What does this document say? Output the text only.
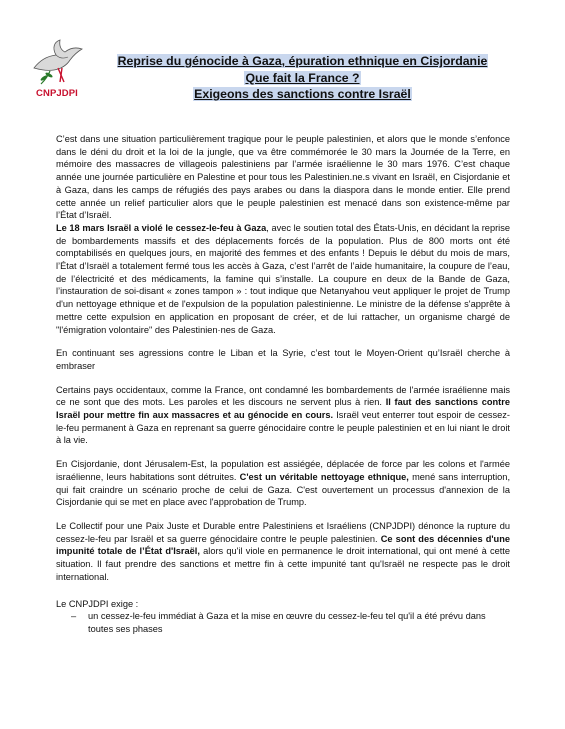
CNPJDPI
Reprise du génocide à Gaza, épuration ethnique en Cisjordanie
Que fait la France ?
Exigeons des sanctions contre Israël

C’est dans une situation particulièrement tragique pour le peuple palestinien, et alors que le monde s’enfonce dans le déni du droit et la loi de la jungle, que va être commémorée le 30 mars la Journée de la Terre, en mémoire des massacres de villageois palestiniens par l’armée israélienne le 30 mars 1976. C’est chaque année une journée particulière en Palestine et pour tous les Palestinien.ne.s vivant en Israël, en Cisjordanie et à Gaza, dans les camps de réfugiés des pays arabes ou dans la diaspora dans le monde entier. Elle prend cette année un relief particulier alors que le peuple palestinien est menacé dans son existence-même par l’État d’Israël.

Le 18 mars Israël a violé le cessez-le-feu à Gaza, avec le soutien total des États-Unis, en décidant la reprise de bombardements massifs et des déplacements forcés de la population. Plus de 800 morts ont été comptabilisés en quelques jours, en majorité des femmes et des enfants ! Depuis le début du mois de mars, l’État d’Israël a totalement fermé tous les accès à Gaza, c’est l’arrêt de l’aide humanitaire, la coupure de l’eau, de l’électricité et des médicaments, la famine qui s’installe. La coupure en deux de la Bande de Gaza, l’instauration de soi-disant « zones tampon » : tout indique que Netanyahou veut appliquer le projet de Trump d'un nettoyage ethnique et de l'expulsion de la population palestinienne. Le ministre de la défense s'apprête à mettre cette expulsion en application en proposant de créer, et de lui rattacher, un organisme chargé de "l'émigration volontaire" des Palestinien·nes de Gaza.

En continuant ses agressions contre le Liban et la Syrie, c’est tout le Moyen-Orient qu’Israël cherche à embraser

Certains pays occidentaux, comme la France, ont condamné les bombardements de l'armée israélienne mais ce ne sont que des mots. Les paroles et les discours ne servent plus à rien. Il faut des sanctions contre Israël pour mettre fin aux massacres et au génocide en cours. Israël veut enterrer tout espoir de cessez-le-feu permanent à Gaza en reprenant sa guerre génocidaire contre le peuple palestinien et en lui niant le droit à la vie.

En Cisjordanie, dont Jérusalem-Est, la population est assiégée, déplacée de force par les colons et l'armée israélienne, leurs habitations sont détruites. C'est un véritable nettoyage ethnique, mené sans interruption, qui fait craindre un scénario proche de celui de Gaza. C'est ouvertement un processus d'annexion de la Cisjordanie qui se met en place avec l'approbation de Trump.

Le Collectif pour une Paix Juste et Durable entre Palestiniens et Israéliens (CNPJDPI) dénonce la rupture du cessez-le-feu par Israël et sa guerre génocidaire contre le peuple palestinien. Ce sont des décennies d'une impunité totale de l’État d'Israël, alors qu'il viole en permanence le droit international, qui ont mené à cette situation. Il faut prendre des sanctions et mettre fin à cette impunité tant qu'Israël ne respecte pas le droit international.

Le CNPJDPI exige :

– un cessez-le-feu immédiat à Gaza et la mise en œuvre du cessez-le-feu tel qu'il a été prévu dans toutes ses phases
